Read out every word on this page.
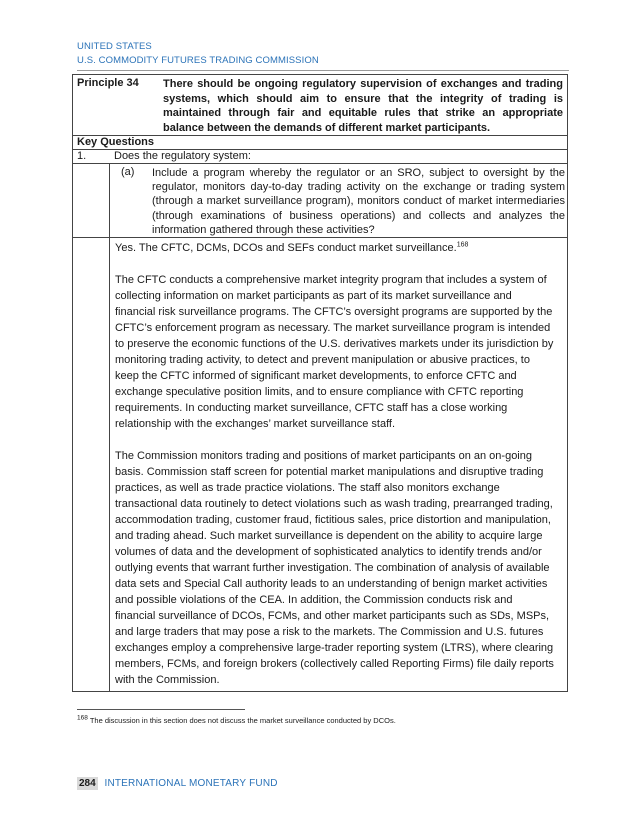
UNITED STATES
U.S. COMMODITY FUTURES TRADING COMMISSION
Principle 34 There should be ongoing regulatory supervision of exchanges and trading systems, which should aim to ensure that the integrity of trading is maintained through fair and equitable rules that strike an appropriate balance between the demands of different market participants.
Key Questions
1.	Does the regulatory system:
(a) Include a program whereby the regulator or an SRO, subject to oversight by the regulator, monitors day-to-day trading activity on the exchange or trading system (through a market surveillance program), monitors conduct of market intermediaries (through examinations of business operations) and collects and analyzes the information gathered through these activities?

Yes. The CFTC, DCMs, DCOs and SEFs conduct market surveillance.$^{168}$

The CFTC conducts a comprehensive market integrity program that includes a system of collecting information on market participants as part of its market surveillance and financial risk surveillance programs. The CFTC’s oversight programs are supported by the CFTC’s enforcement program as necessary. The market surveillance program is intended to preserve the economic functions of the U.S. derivatives markets under its jurisdiction by monitoring trading activity, to detect and prevent manipulation or abusive practices, to keep the CFTC informed of significant market developments, to enforce CFTC and exchange speculative position limits, and to ensure compliance with CFTC reporting requirements. In conducting market surveillance, CFTC staff has a close working relationship with the exchanges’ market surveillance staff.

The Commission monitors trading and positions of market participants on an on-going basis. Commission staff screen for potential market manipulations and disruptive trading practices, as well as trade practice violations. The staff also monitors exchange transactional data routinely to detect violations such as wash trading, prearranged trading, accommodation trading, customer fraud, fictitious sales, price distortion and manipulation, and trading ahead. Such market surveillance is dependent on the ability to acquire large volumes of data and the development of sophisticated analytics to identify trends and/or outlying events that warrant further investigation. The combination of analysis of available data sets and Special Call authority leads to an understanding of benign market activities and possible violations of the CEA. In addition, the Commission conducts risk and financial surveillance of DCOs, FCMs, and other market participants such as SDs, MSPs, and large traders that may pose a risk to the markets. The Commission and U.S. futures exchanges employ a comprehensive large-trader reporting system (LTRS), where clearing members, FCMs, and foreign brokers (collectively called Reporting Firms) file daily reports with the Commission.

$^{168}$ The discussion in this section does not discuss the market surveillance conducted by DCOs.
284 INTERNATIONAL MONETARY FUND
